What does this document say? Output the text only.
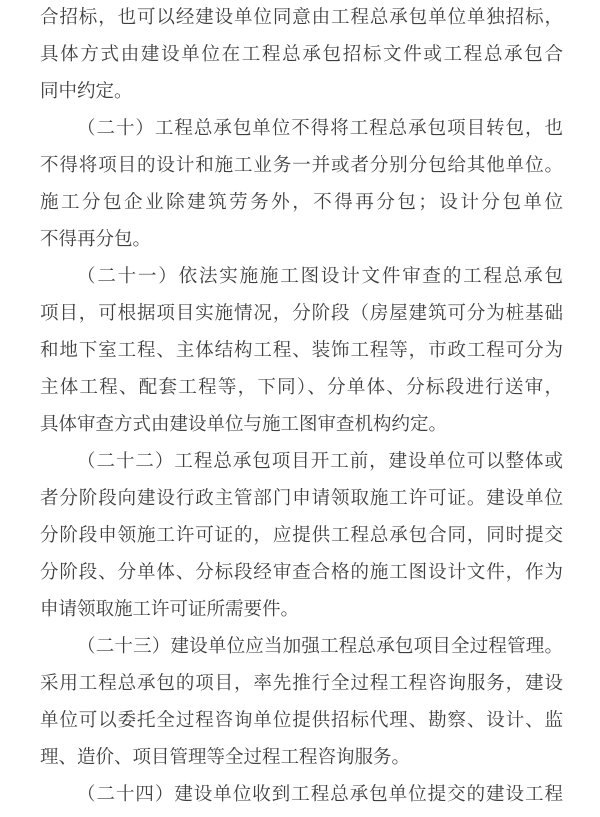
合招标，也可以经建设单位同意由工程总承包单位单独招标，
具体方式由建设单位在工程总承包招标文件或工程总承包合
同中约定。
（二十）工程总承包单位不得将工程总承包项目转包，也
不得将项目的设计和施工业务一并或者分别分包给其他单位。
施工分包企业除建筑劳务外，不得再分包；设计分包单位
不得再分包。
（二十一）依法实施施工图设计文件审查的工程总承包
项目，可根据项目实施情况，分阶段（房屋建筑可分为桩基础
和地下室工程、主体结构工程、装饰工程等，市政工程可分为
主体工程、配套工程等，下同）、分单体、分标段进行送审，
具体审查方式由建设单位与施工图审查机构约定。
（二十二）工程总承包项目开工前，建设单位可以整体或
者分阶段向建设行政主管部门申请领取施工许可证。建设单位
分阶段申领施工许可证的，应提供工程总承包合同，同时提交
分阶段、分单体、分标段经审查合格的施工图设计文件，作为
申请领取施工许可证所需要件。
（二十三）建设单位应当加强工程总承包项目全过程管理。
采用工程总承包的项目，率先推行全过程工程咨询服务，建设
单位可以委托全过程咨询单位提供招标代理、勘察、设计、监
理、造价、项目管理等全过程工程咨询服务。
（二十四）建设单位收到工程总承包单位提交的建设工程
